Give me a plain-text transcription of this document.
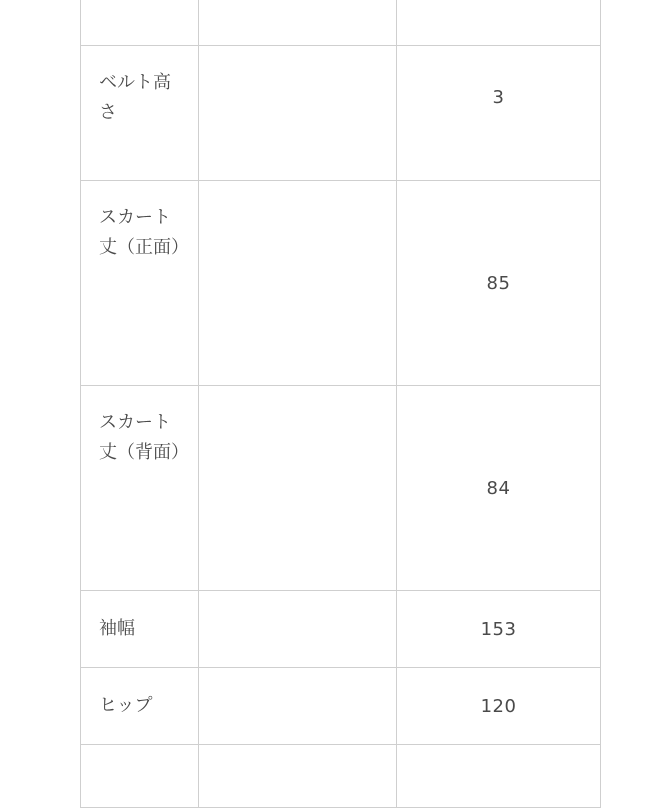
ベルト高さ		3
スカート丈（正面）		85
スカート丈（背面）		84
袖幅		153
ヒップ		120
